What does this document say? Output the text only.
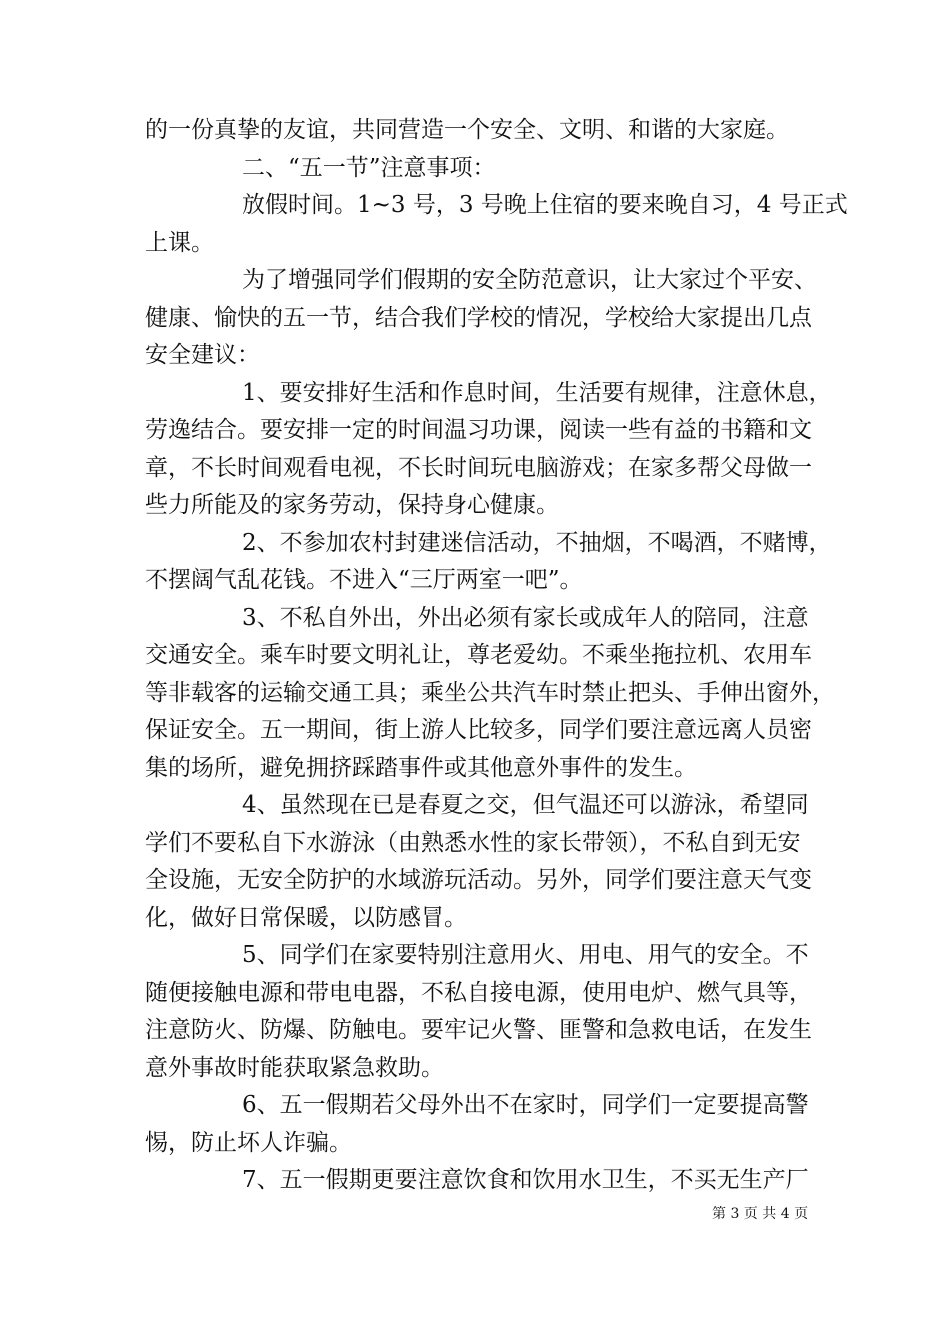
的一份真挚的友谊，共同营造一个安全、文明、和谐的大家庭。
二、“五一节”注意事项：
放假时间。1~3 号，3 号晚上住宿的要来晚自习，4 号正式
上课。
为了增强同学们假期的安全防范意识，让大家过个平安、
健康、愉快的五一节，结合我们学校的情况，学校给大家提出几点
安全建议：
1、要安排好生活和作息时间，生活要有规律，注意休息，
劳逸结合。要安排一定的时间温习功课，阅读一些有益的书籍和文
章，不长时间观看电视，不长时间玩电脑游戏；在家多帮父母做一
些力所能及的家务劳动，保持身心健康。
2、不参加农村封建迷信活动，不抽烟，不喝酒，不赌博，
不摆阔气乱花钱。不进入“三厅两室一吧”。
3、不私自外出，外出必须有家长或成年人的陪同，注意
交通安全。乘车时要文明礼让，尊老爱幼。不乘坐拖拉机、农用车
等非载客的运输交通工具；乘坐公共汽车时禁止把头、手伸出窗外，
保证安全。五一期间，街上游人比较多，同学们要注意远离人员密
集的场所，避免拥挤踩踏事件或其他意外事件的发生。
4、虽然现在已是春夏之交，但气温还可以游泳，希望同
学们不要私自下水游泳（由熟悉水性的家长带领），不私自到无安
全设施，无安全防护的水域游玩活动。另外，同学们要注意天气变
化，做好日常保暖，以防感冒。
5、同学们在家要特别注意用火、用电、用气的安全。不
随便接触电源和带电电器，不私自接电源，使用电炉、燃气具等，
注意防火、防爆、防触电。要牢记火警、匪警和急救电话，在发生
意外事故时能获取紧急救助。
6、五一假期若父母外出不在家时，同学们一定要提高警
惕，防止坏人诈骗。
7、五一假期更要注意饮食和饮用水卫生，不买无生产厂
第 3 页 共 4 页
